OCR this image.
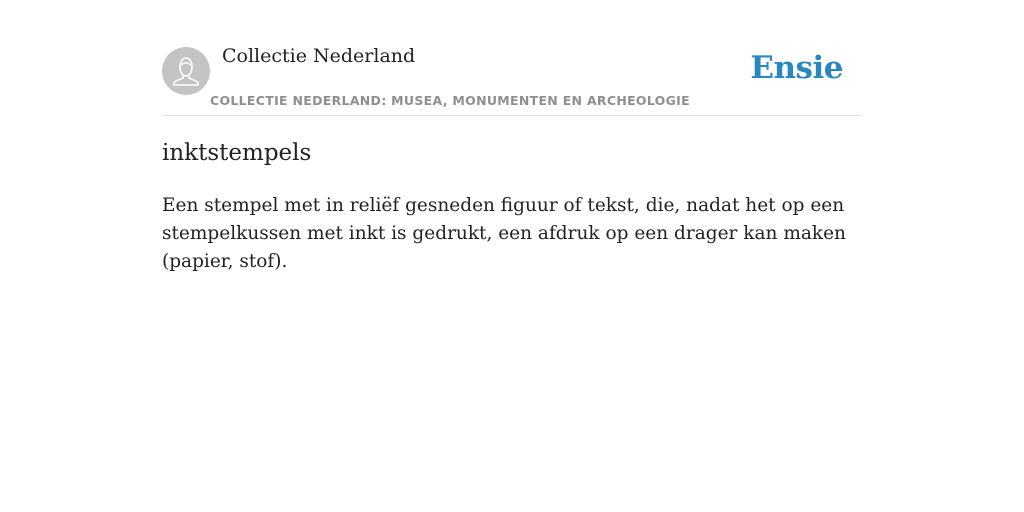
Collectie Nederland
COLLECTIE NEDERLAND: MUSEA, MONUMENTEN EN ARCHEOLOGIE
Ensie
inktstempels

Een stempel met in reliëf gesneden figuur of tekst, die, nadat het op een stempelkussen met inkt is gedrukt, een afdruk op een drager kan maken (papier, stof).
